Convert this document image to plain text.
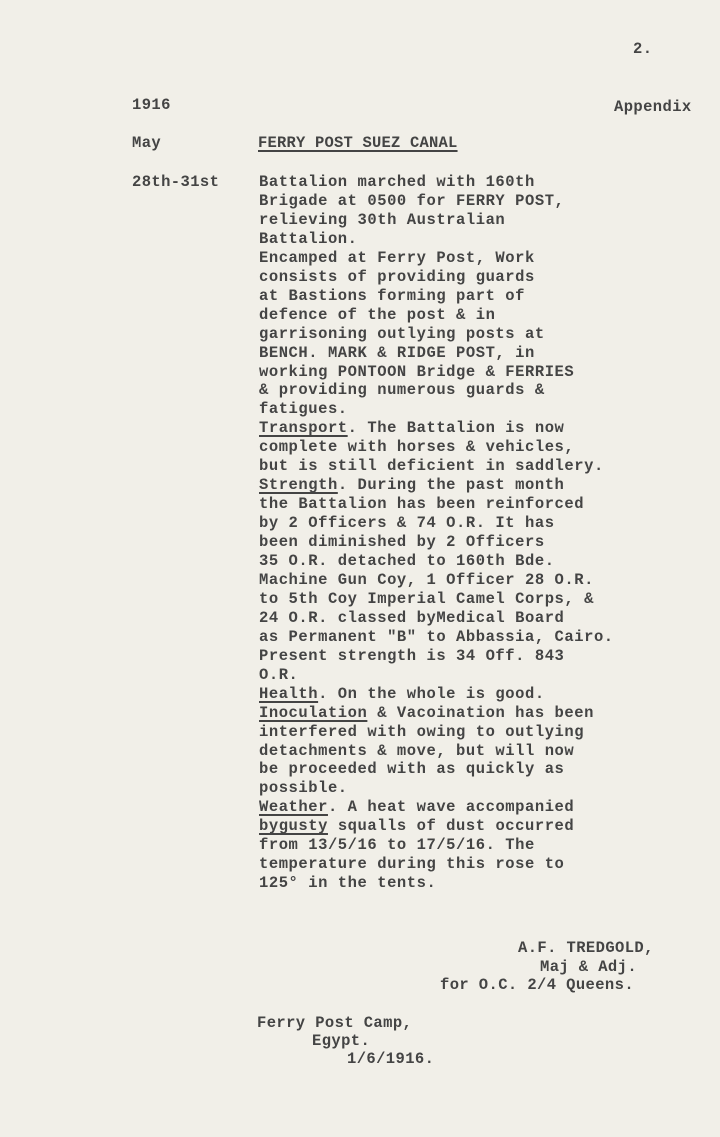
2.
1916	Appendix
May	FERRY POST SUEZ CANAL
28th-31st	Battalion marched with 160th
Brigade at 0500 for FERRY POST,
relieving 30th Australian
Battalion.
Encamped at Ferry Post, Work
consists of providing guards
at Bastions forming part of
defence of the post & in
garrisoning outlying posts at
BENCH. MARK & RIDGE POST, in
working PONTOON Bridge & FERRIES
& providing numerous guards &
fatigues.
Transport. The Battalion is now
complete with horses & vehicles,
but is still deficient in saddlery.
Strength. During the past month
the Battalion has been reinforced
by 2 Officers & 74 O.R. It has
been diminished by 2 Officers
35 O.R. detached to 160th Bde.
Machine Gun Coy, 1 Officer 28 O.R.
to 5th Coy Imperial Camel Corps, &
24 O.R. classed byMedical Board
as Permanent "B" to Abbassia, Cairo.
Present strength is 34 Off. 843
O.R.
Health. On the whole is good.
Inoculation & Vacoination has been
interfered with owing to outlying
detachments & move, but will now
be proceeded with as quickly as
possible.
Weather. A heat wave accompanied
bygusty squalls of dust occurred
from 13/5/16 to 17/5/16. The
temperature during this rose to
125° in the tents.
A.F. TREDGOLD,
Maj & Adj.
for O.C. 2/4 Queens.
Ferry Post Camp,
Egypt.
1/6/1916.
